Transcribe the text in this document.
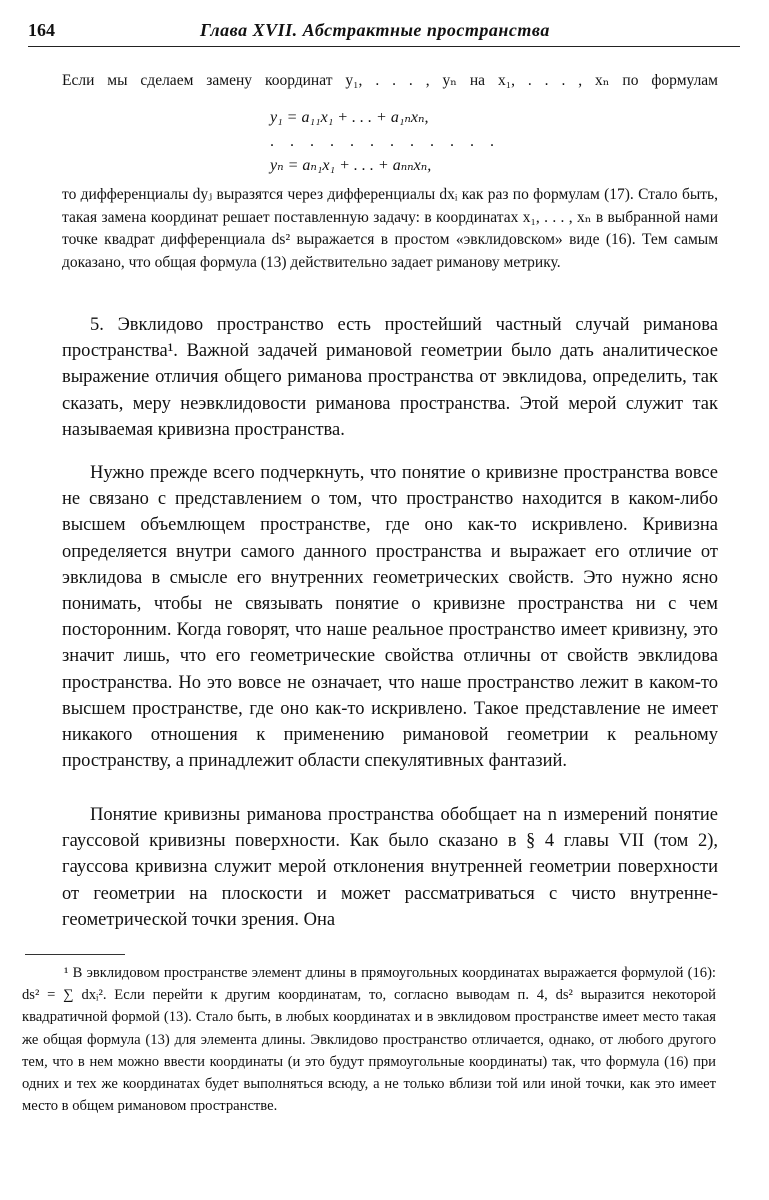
164	Глава XVII. Абстрактные пространства

Если мы сделаем замену координат y₁, . . . , yₙ на x₁, . . . , xₙ по формулам

y₁ = a₁₁x₁ + . . . + a₁ₙxₙ,
. . . . . . . . . . . .
yₙ = aₙ₁x₁ + . . . + aₙₙxₙ,

то дифференциалы dyⱼ выразятся через дифференциалы dxᵢ как раз по формулам (17). Стало быть, такая замена координат решает поставленную задачу: в координатах x₁, . . . , xₙ в выбранной нами точке квадрат дифференциала ds² выражается в простом «эвклидовском» виде (16). Тем самым доказано, что общая формула (13) действительно задает риманову метрику.

5. Эвклидово пространство есть простейший частный случай риманова пространства¹. Важной задачей римановой геометрии было дать аналитическое выражение отличия общего риманова пространства от эвклидова, определить, так сказать, меру неэвклидовости риманова пространства. Этой мерой служит так называемая кривизна пространства.

Нужно прежде всего подчеркнуть, что понятие о кривизне пространства вовсе не связано с представлением о том, что пространство находится в каком-либо высшем объемлющем пространстве, где оно как-то искривлено. Кривизна определяется внутри самого данного пространства и выражает его отличие от эвклидова в смысле его внутренних геометрических свойств. Это нужно ясно понимать, чтобы не связывать понятие о кривизне пространства ни с чем посторонним. Когда говорят, что наше реальное пространство имеет кривизну, это значит лишь, что его геометрические свойства отличны от свойств эвклидова пространства. Но это вовсе не означает, что наше пространство лежит в каком-то высшем пространстве, где оно как-то искривлено. Такое представление не имеет никакого отношения к применению римановой геометрии к реальному пространству, а принадлежит области спекулятивных фантазий.

Понятие кривизны риманова пространства обобщает на n измерений понятие гауссовой кривизны поверхности. Как было сказано в § 4 главы VII (том 2), гауссова кривизна служит мерой отклонения внутренней геометрии поверхности от геометрии на плоскости и может рассматриваться с чисто внутренне-геометрической точки зрения. Она

¹ В эвклидовом пространстве элемент длины в прямоугольных координатах выражается формулой (16): ds² = ∑ dxᵢ². Если перейти к другим координатам, то, согласно выводам п. 4, ds² выразится некоторой квадратичной формой (13). Стало быть, в любых координатах и в эвклидовом пространстве имеет место такая же общая формула (13) для элемента длины. Эвклидово пространство отличается, однако, от любого другого тем, что в нем можно ввести координаты (и это будут прямоугольные координаты) так, что формула (16) при одних и тех же координатах будет выполняться всюду, а не только вблизи той или иной точки, как это имеет место в общем римановом пространстве.
